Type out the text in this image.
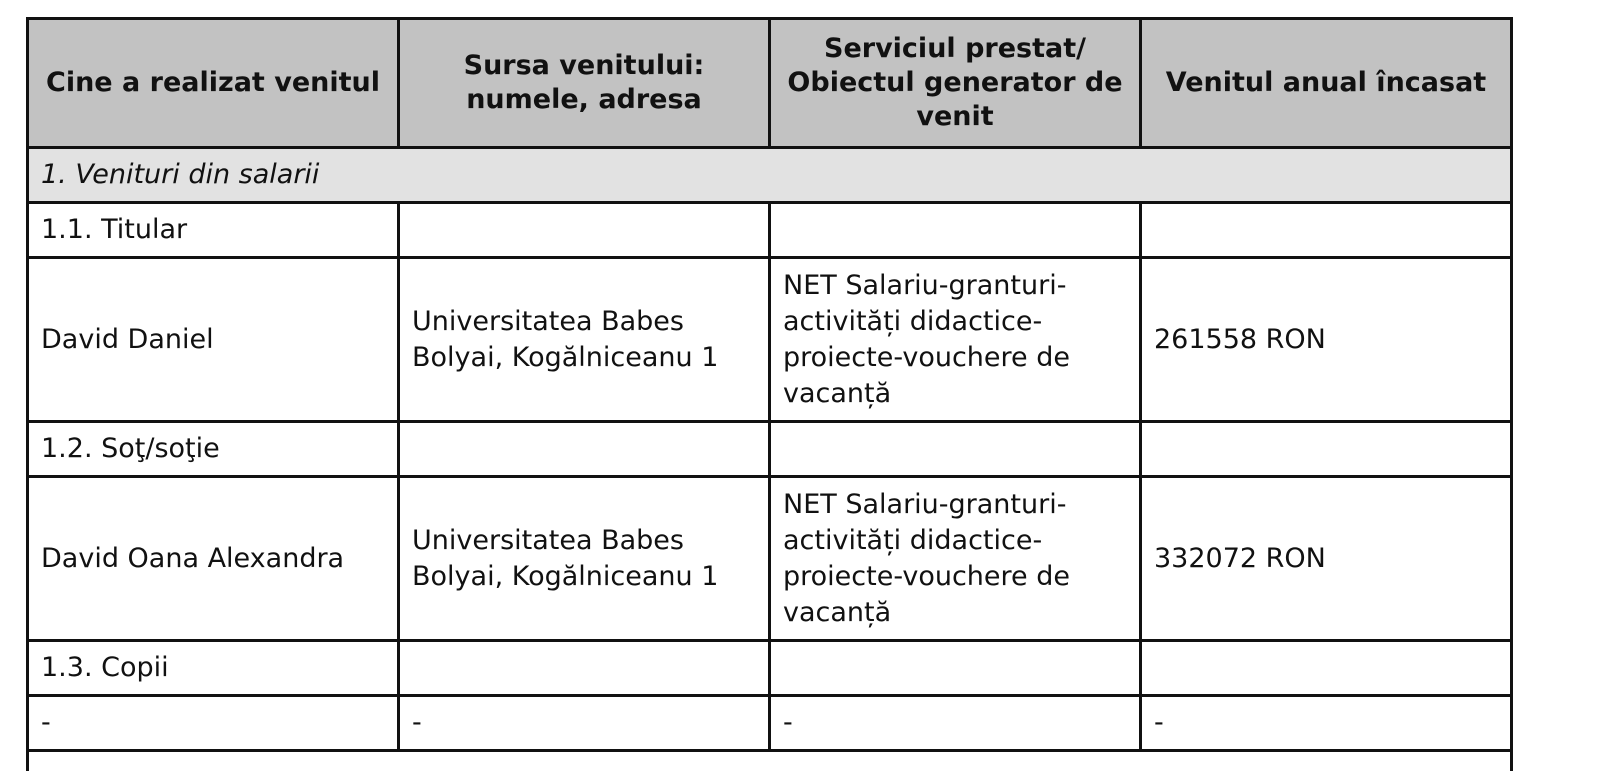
Cine a realizat venitul	Sursa venitului: numele, adresa	Serviciul prestat/ Obiectul generator de venit	Venitul anual încasat
1. Venituri din salarii			
1.1. Titular			
David Daniel	Universitatea Babes Bolyai, Kogălniceanu 1	NET Salariu-granturi-activități didactice-proiecte-vouchere de vacanță	261558 RON
1.2. Soţ/soţie			
David Oana Alexandra	Universitatea Babes Bolyai, Kogălniceanu 1	NET Salariu-granturi-activități didactice-proiecte-vouchere de vacanță	332072 RON
1.3. Copii			
-	-	-	-
